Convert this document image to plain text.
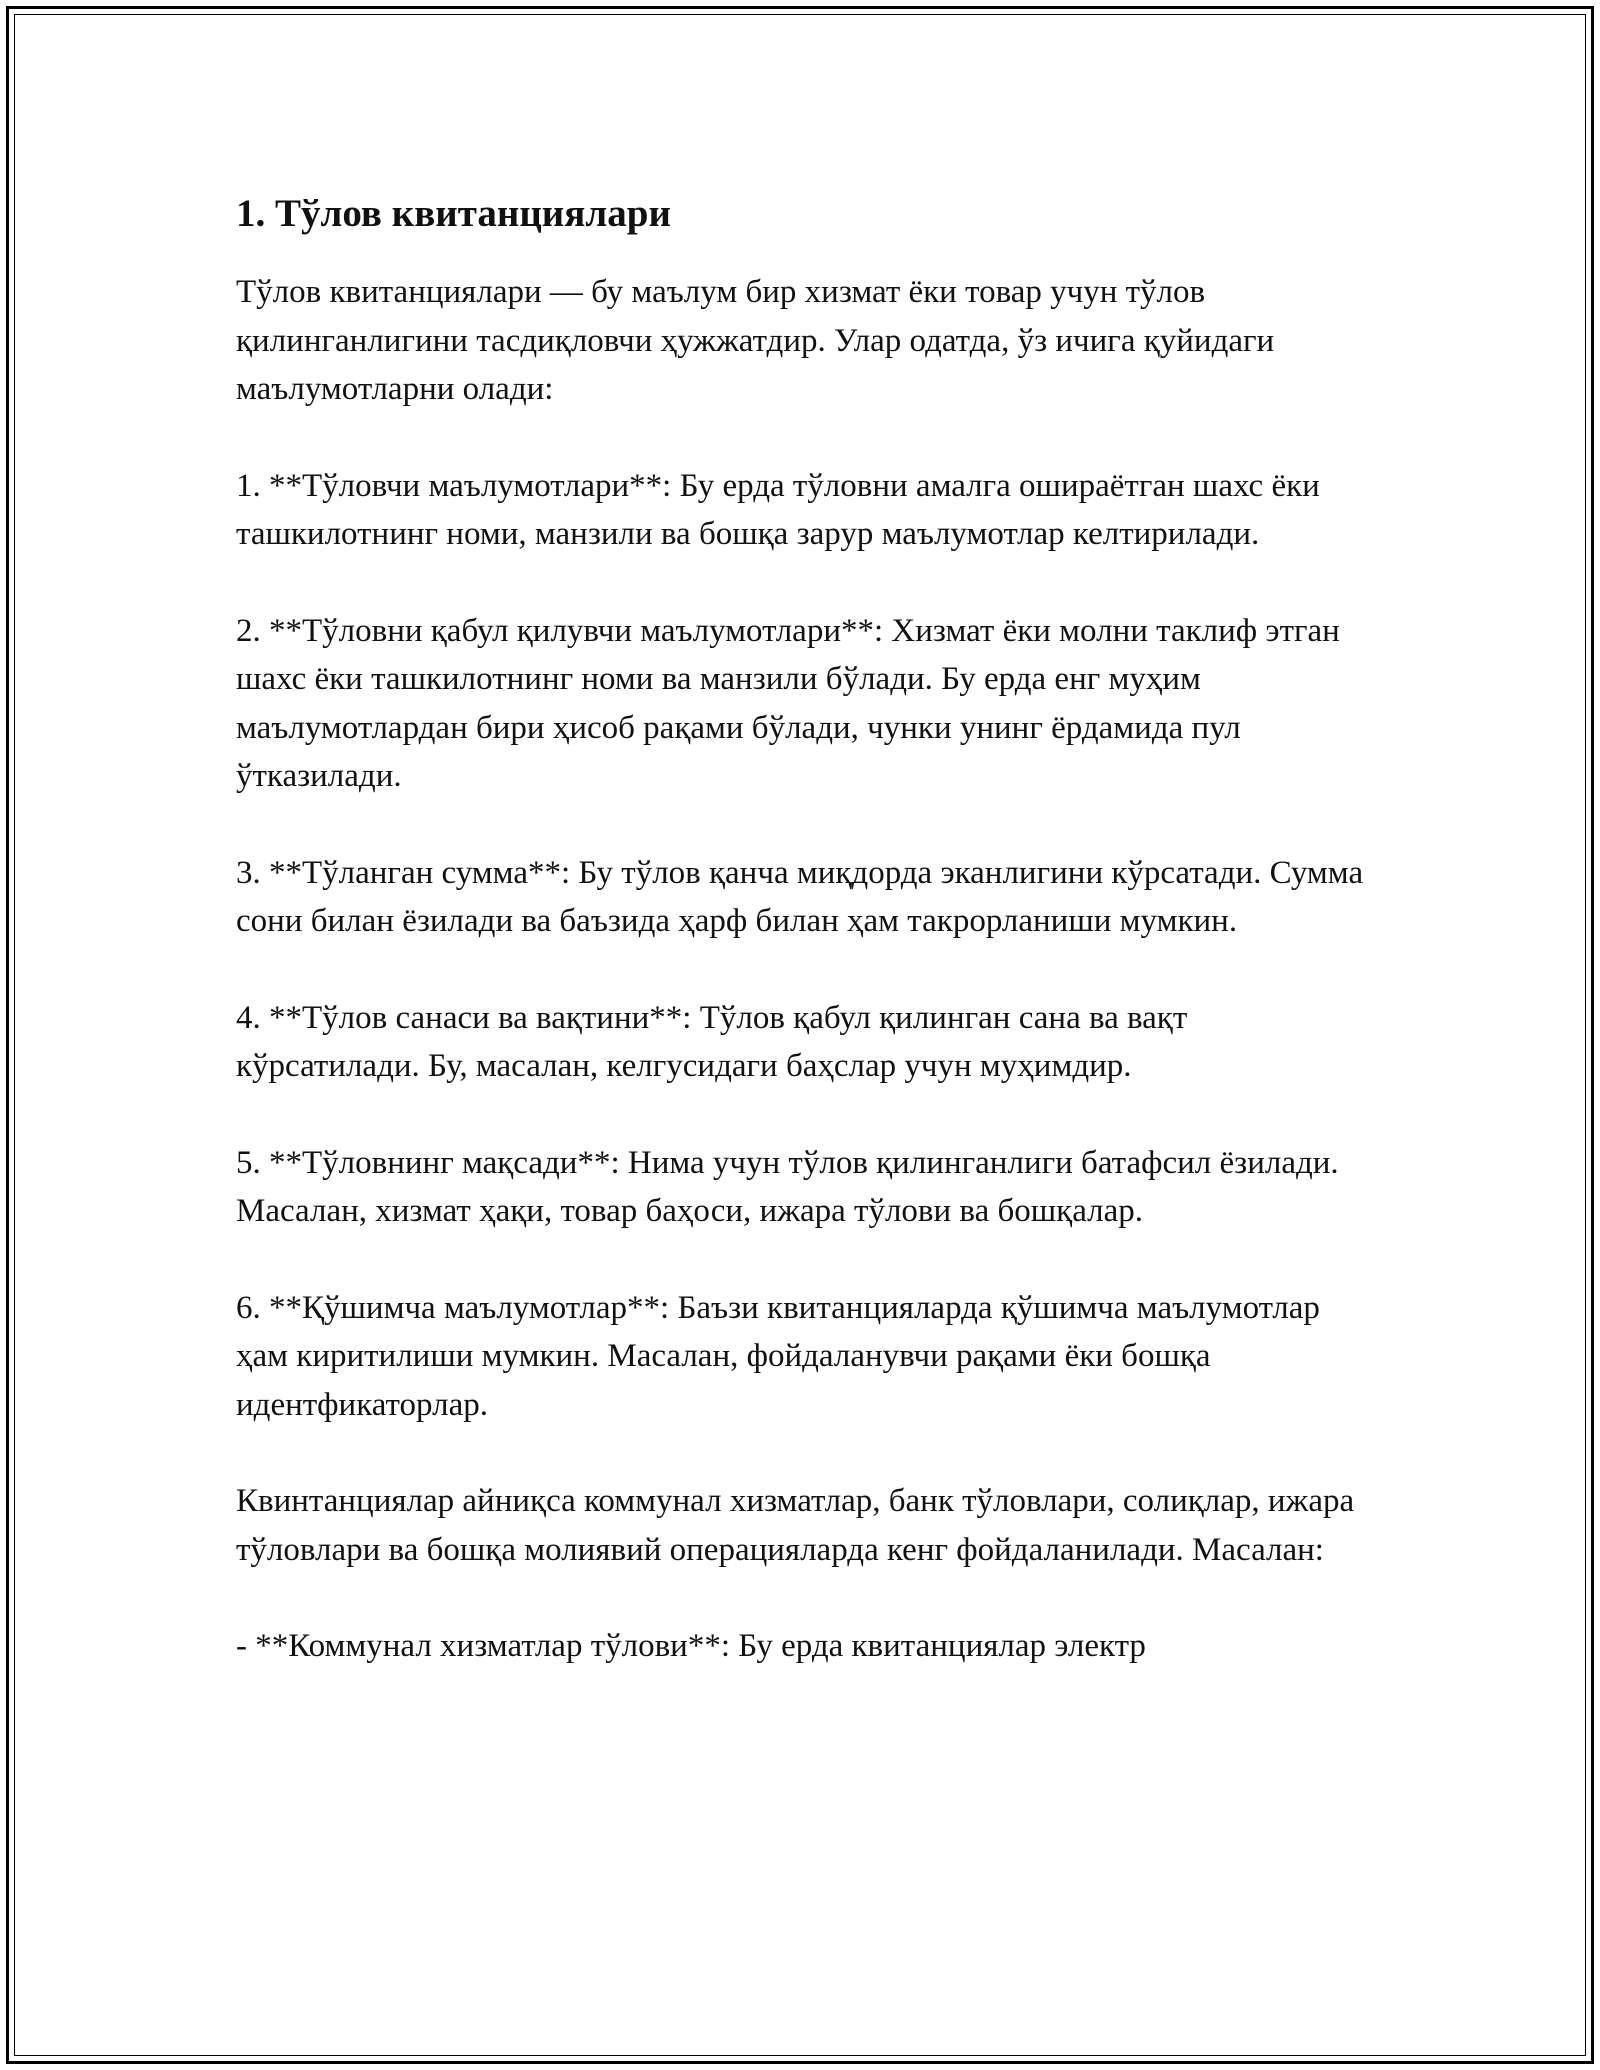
1. Тўлов квитанциялари

Тўлов квитанциялари — бу маълум бир хизмат ёки товар учун тўлов қилинганлигини тасдиқловчи ҳужжатдир. Улар одатда, ўз ичига қуйидаги маълумотларни олади:

1. **Тўловчи маълумотлари**: Бу ерда тўловни амалга ошираётган шахс ёки ташкилотнинг номи, манзили ва бошқа зарур маълумотлар келтирилади.

2. **Тўловни қабул қилувчи маълумотлари**: Хизмат ёки молни таклиф этган шахс ёки ташкилотнинг номи ва манзили бўлади. Бу ерда енг муҳим маълумотлардан бири ҳисоб рақами бўлади, чунки унинг ёрдамида пул ўтказилади.

3. **Тўланган сумма**: Бу тўлов қанча миқдорда эканлигини кўрсатади. Сумма сони билан ёзилади ва баъзида ҳарф билан ҳам такрорланиши мумкин.

4. **Тўлов санаси ва вақтини**: Тўлов қабул қилинган сана ва вақт кўрсатилади. Бу, масалан, келгусидаги баҳслар учун муҳимдир.

5. **Тўловнинг мақсади**: Нима учун тўлов қилинганлиги батафсил ёзилади. Масалан, хизмат ҳақи, товар баҳоси, ижара тўлови ва бошқалар.

6. **Қўшимча маълумотлар**: Баъзи квитанцияларда қўшимча маълумотлар ҳам киритилиши мумкин. Масалан, фойдаланувчи рақами ёки бошқа идентфикаторлар.

Квинтанциялар айниқса коммунал хизматлар, банк тўловлари, солиқлар, ижара тўловлари ва бошқа молиявий операцияларда кенг фойдаланилади. Масалан:

- **Коммунал хизматлар тўлови**: Бу ерда квитанциялар электр
